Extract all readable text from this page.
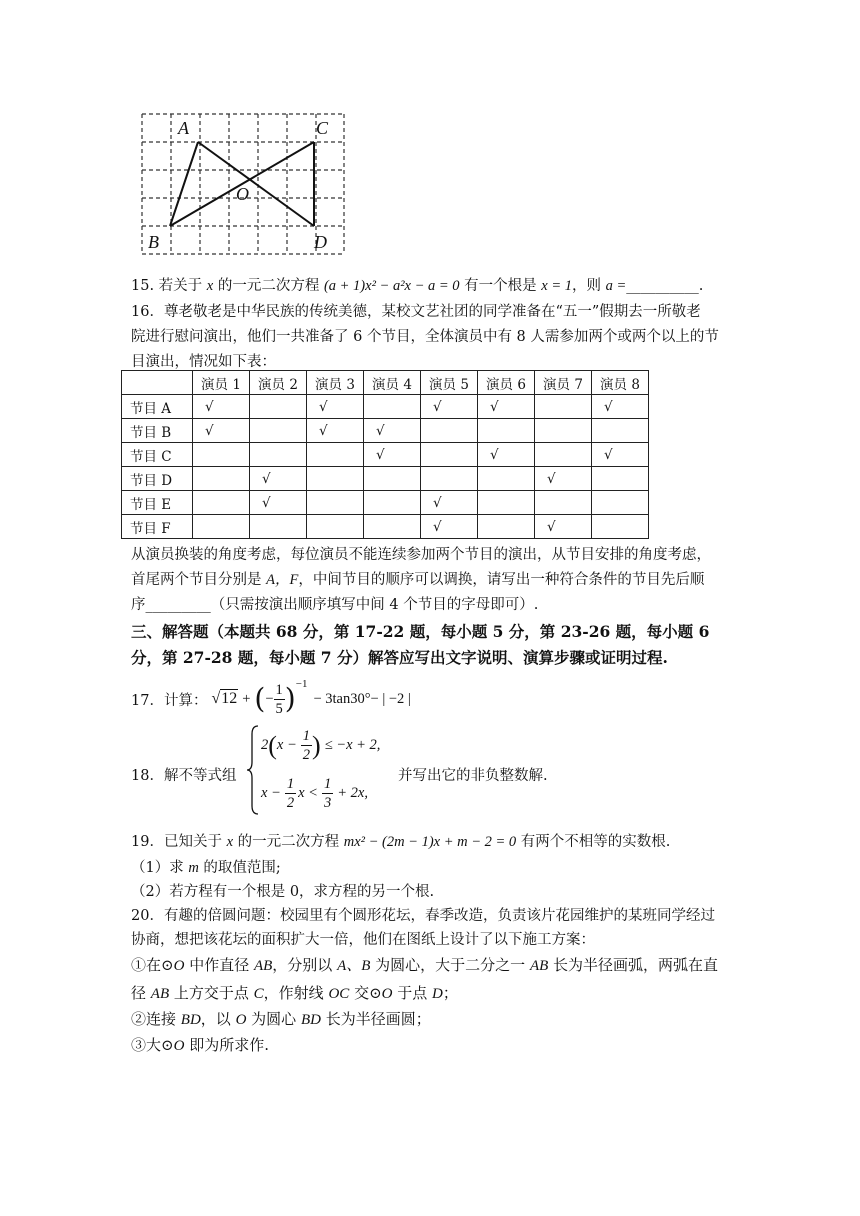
A	C
O
B	D
15. 若关于 x 的一元二次方程 (a + 1)x² − a²x − a = 0 有一个根是 x = 1，则 a =__________.
16．尊老敬老是中华民族的传统美德，某校文艺社团的同学准备在“五一”假期去一所敬老
院进行慰问演出，他们一共准备了 6 个节目，全体演员中有 8 人需参加两个或两个以上的节
目演出，情况如下表：
	演员 1	演员 2	演员 3	演员 4	演员 5	演员 6	演员 7	演员 8
节目 A	√		√		√	√		√
节目 B	√		√	√				
节目 C				√		√		√
节目 D		√					√	
节目 E		√			√			
节目 F					√		√	
从演员换装的角度考虑，每位演员不能连续参加两个节目的演出，从节目安排的角度考虑，
首尾两个节目分别是 A，F，中间节目的顺序可以调换，请写出一种符合条件的节目先后顺
序_________（只需按演出顺序填写中间 4 个节目的字母即可）.
三、解答题（本题共 68 分，第 17-22 题，每小题 5 分，第 23-26 题，每小题 6
分，第 27-28 题，每小题 7 分）解答应写出文字说明、演算步骤或证明过程.
17．计算： √12 + ( − $\frac{1}{5}$ ) −1
− 3tan30°− | −2 |
18．解不等式组
2 ( $x - \frac{1}{2}$ ) ≤ −x + 2,
$x - \frac{1}{2}$ $x < \frac{1}{3} + 2x$,
并写出它的非负整数解.
19．已知关于 x 的一元二次方程 mx² − (2m − 1)x + m − 2 = 0 有两个不相等的实数根.
（1）求 m 的取值范围;
（2）若方程有一个根是 0，求方程的另一个根.
20．有趣的倍圆问题：校园里有个圆形花坛，春季改造，负责该片花园维护的某班同学经过
协商，想把该花坛的面积扩大一倍，他们在图纸上设计了以下施工方案：
①在⊙O 中作直径 AB，分别以 A、B 为圆心，大于二分之一 AB 长为半径画弧，两弧在直
径 AB 上方交于点 C，作射线 OC 交⊙O 于点 D；
②连接 BD，以 O 为圆心 BD 长为半径画圆；
③大⊙O 即为所求作.
